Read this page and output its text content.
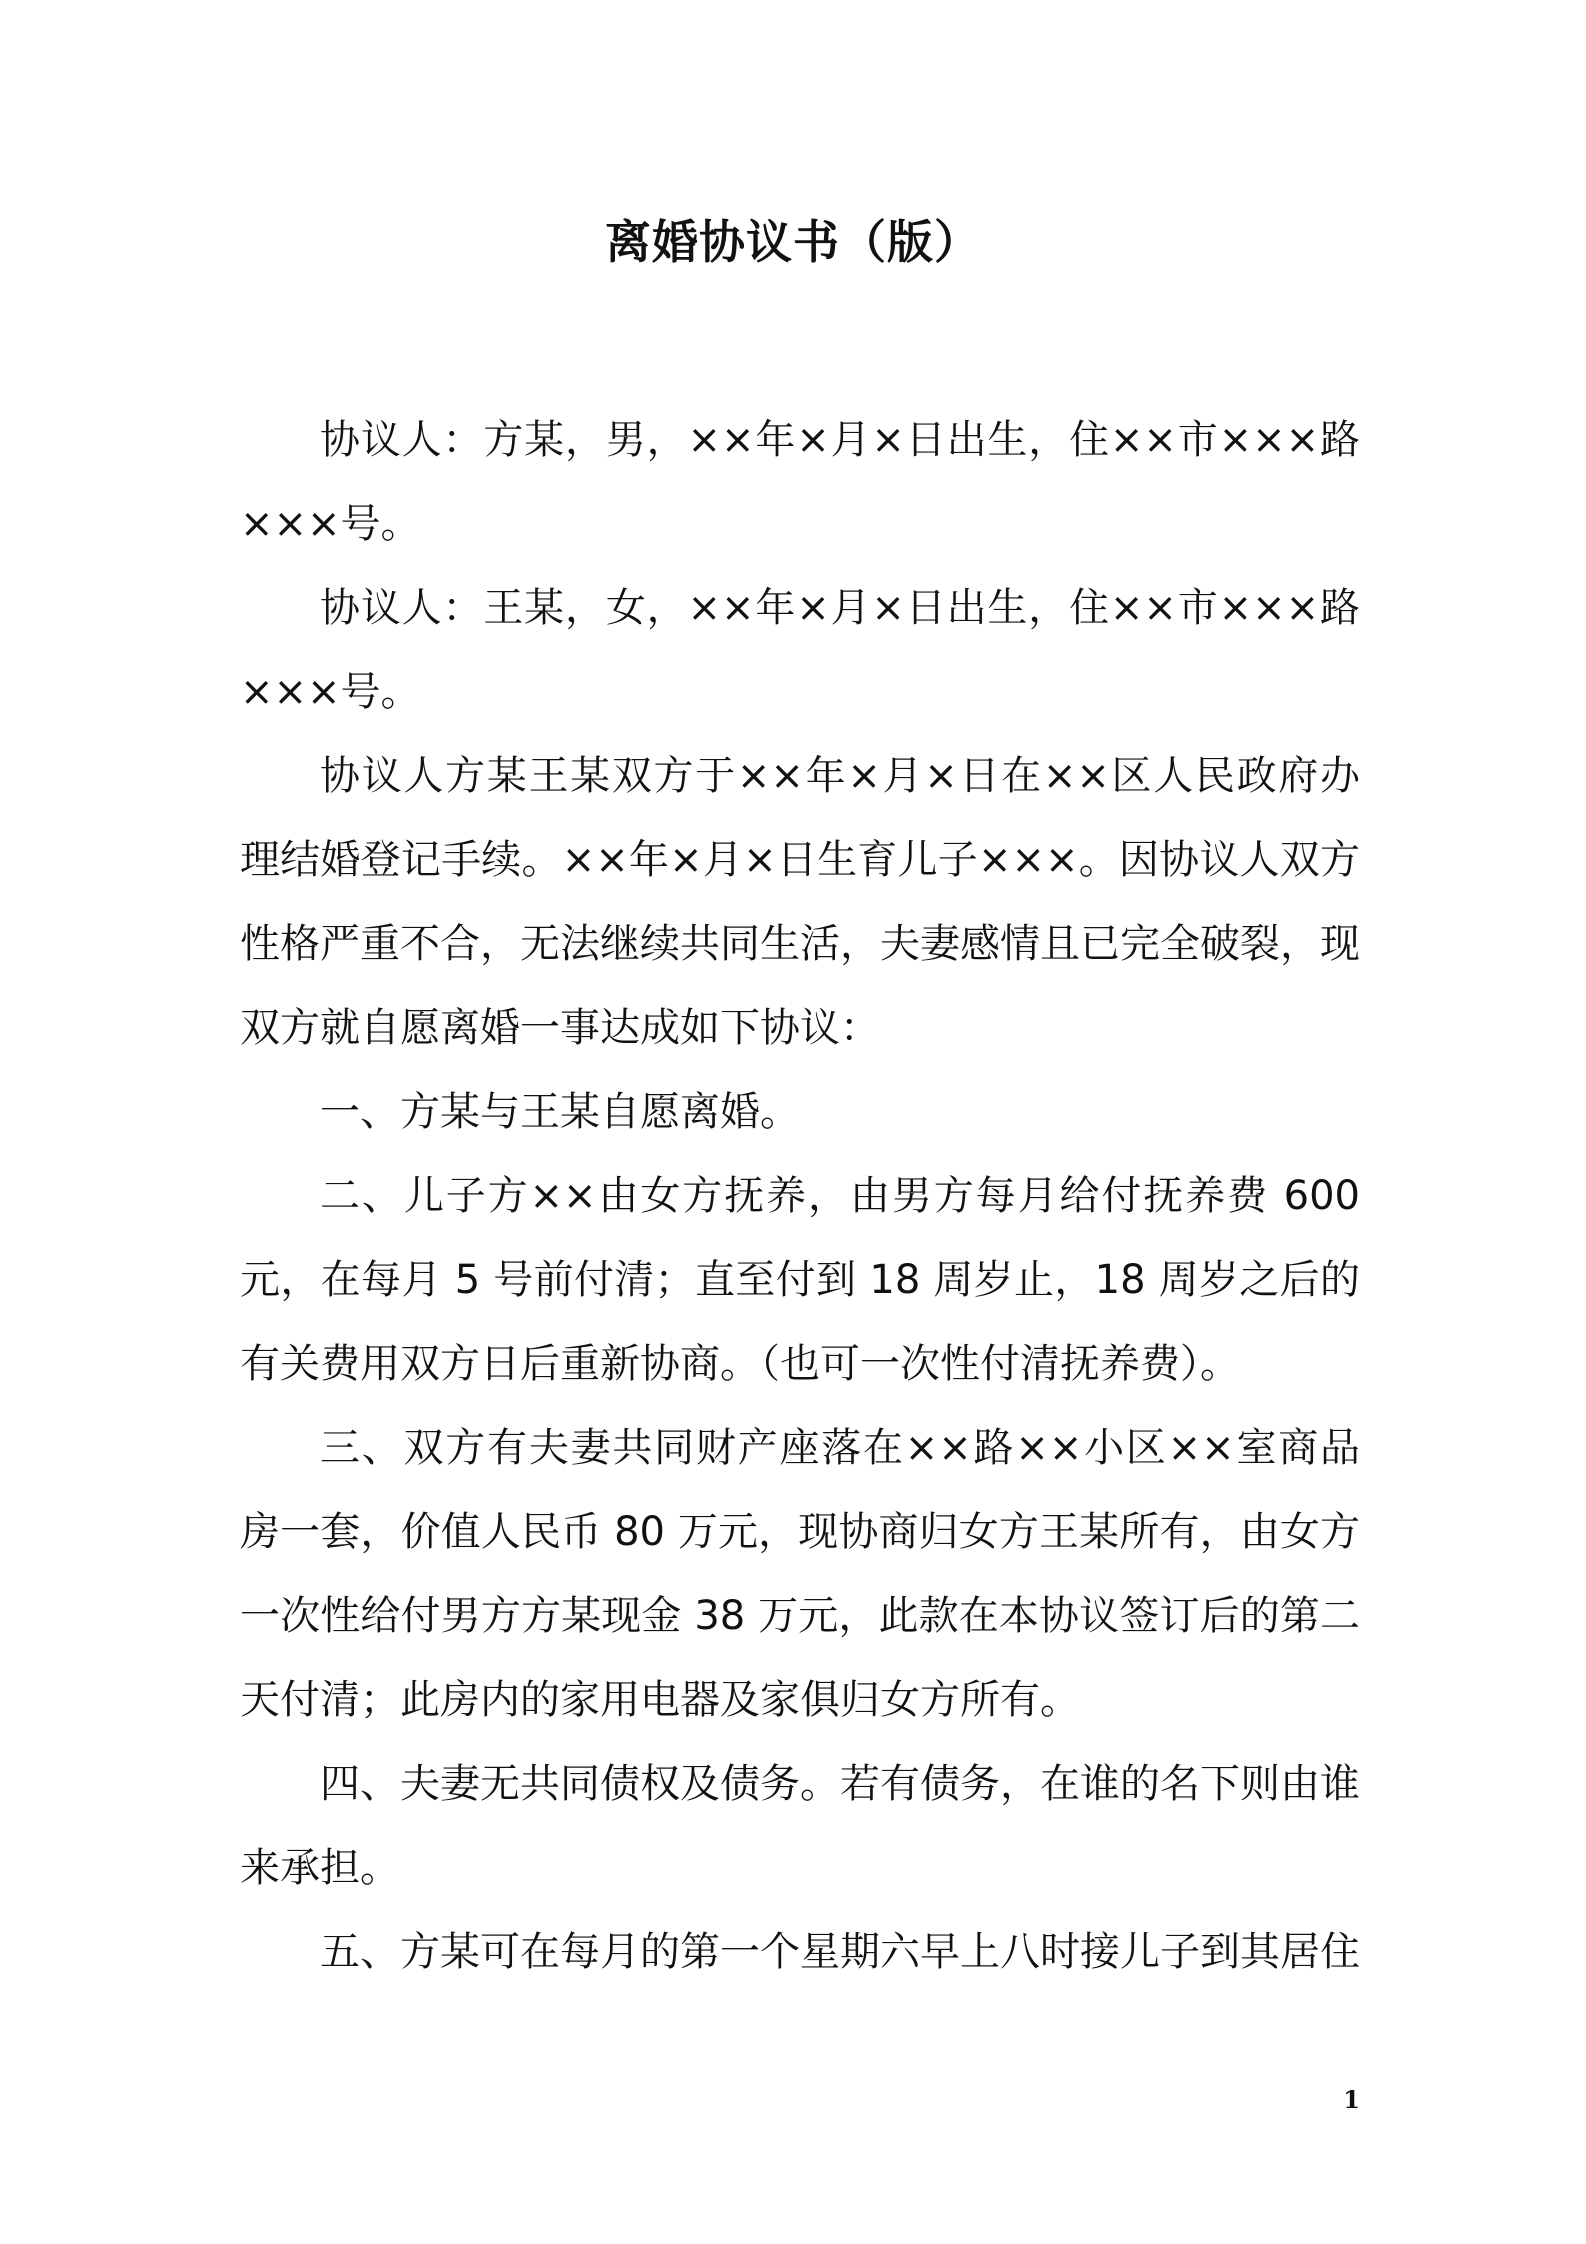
离婚协议书（版）

协议人：方某，男，××年×月×日出生，住××市×××路×××号。

协议人：王某，女，××年×月×日出生，住××市×××路×××号。

协议人方某王某双方于××年×月×日在××区人民政府办理结婚登记手续。××年×月×日生育儿子×××。因协议人双方性格严重不合，无法继续共同生活，夫妻感情且已完全破裂，现双方就自愿离婚一事达成如下协议：

一、方某与王某自愿离婚。

二、儿子方××由女方抚养，由男方每月给付抚养费 600 元，在每月 5 号前付清；直至付到 18 周岁止，18 周岁之后的有关费用双方日后重新协商。（也可一次性付清抚养费）。

三、双方有夫妻共同财产座落在××路××小区××室商品房一套，价值人民币 80 万元，现协商归女方王某所有，由女方一次性给付男方方某现金 38 万元，此款在本协议签订后的第二天付清；此房内的家用电器及家俱归女方所有。

四、夫妻无共同债权及债务。若有债务，在谁的名下则由谁来承担。

五、方某可在每月的第一个星期六早上八时接儿子到其居住

1
